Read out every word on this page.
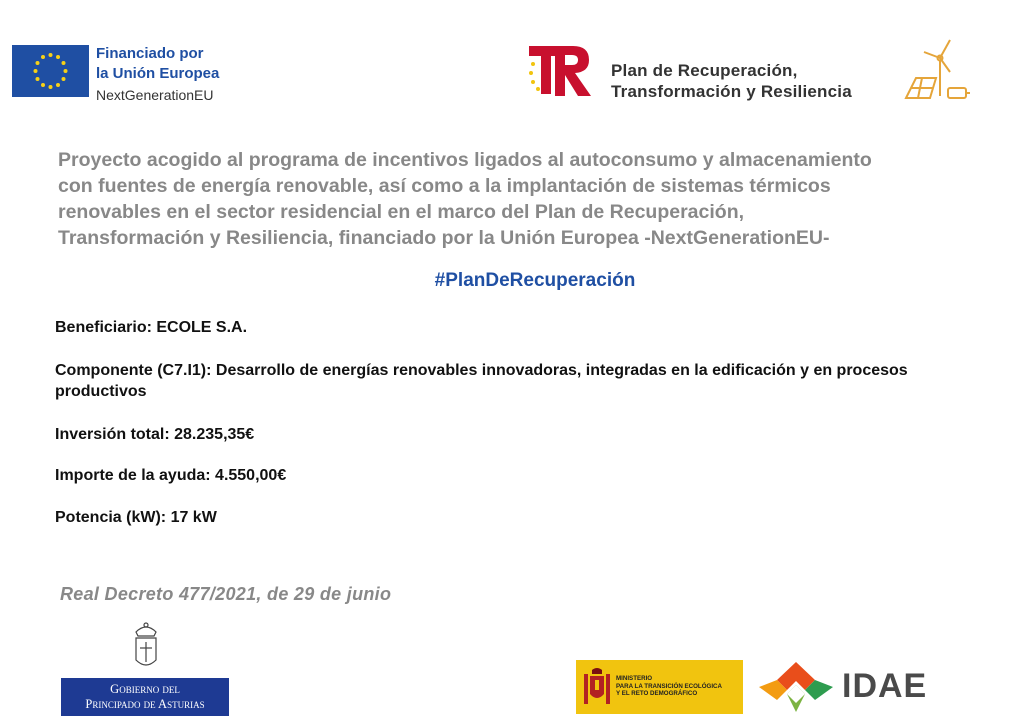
Financiado por
la Unión Europea
NextGenerationEU
Plan de Recuperación,
Transformación y Resiliencia

Proyecto acogido al programa de incentivos ligados al autoconsumo y almacenamiento
con fuentes de energía renovable, así como a la implantación de sistemas térmicos
renovables en el sector residencial en el marco del Plan de Recuperación,
Transformación y Resiliencia, financiado por la Unión Europea -NextGenerationEU-

#PlanDeRecuperación

Beneficiario: ECOLE S.A.

Componente (C7.I1): Desarrollo de energías renovables innovadoras, integradas en la edificación y en procesos productivos

Inversión total: 28.235,35€

Importe de la ayuda: 4.550,00€

Potencia (kW): 17 kW

Real Decreto 477/2021, de 29 de junio
Gobierno del
Principado de Asturias
MINISTERIO
PARA LA TRANSICIÓN ECOLÓGICA
Y EL RETO DEMOGRÁFICO	IDAE
